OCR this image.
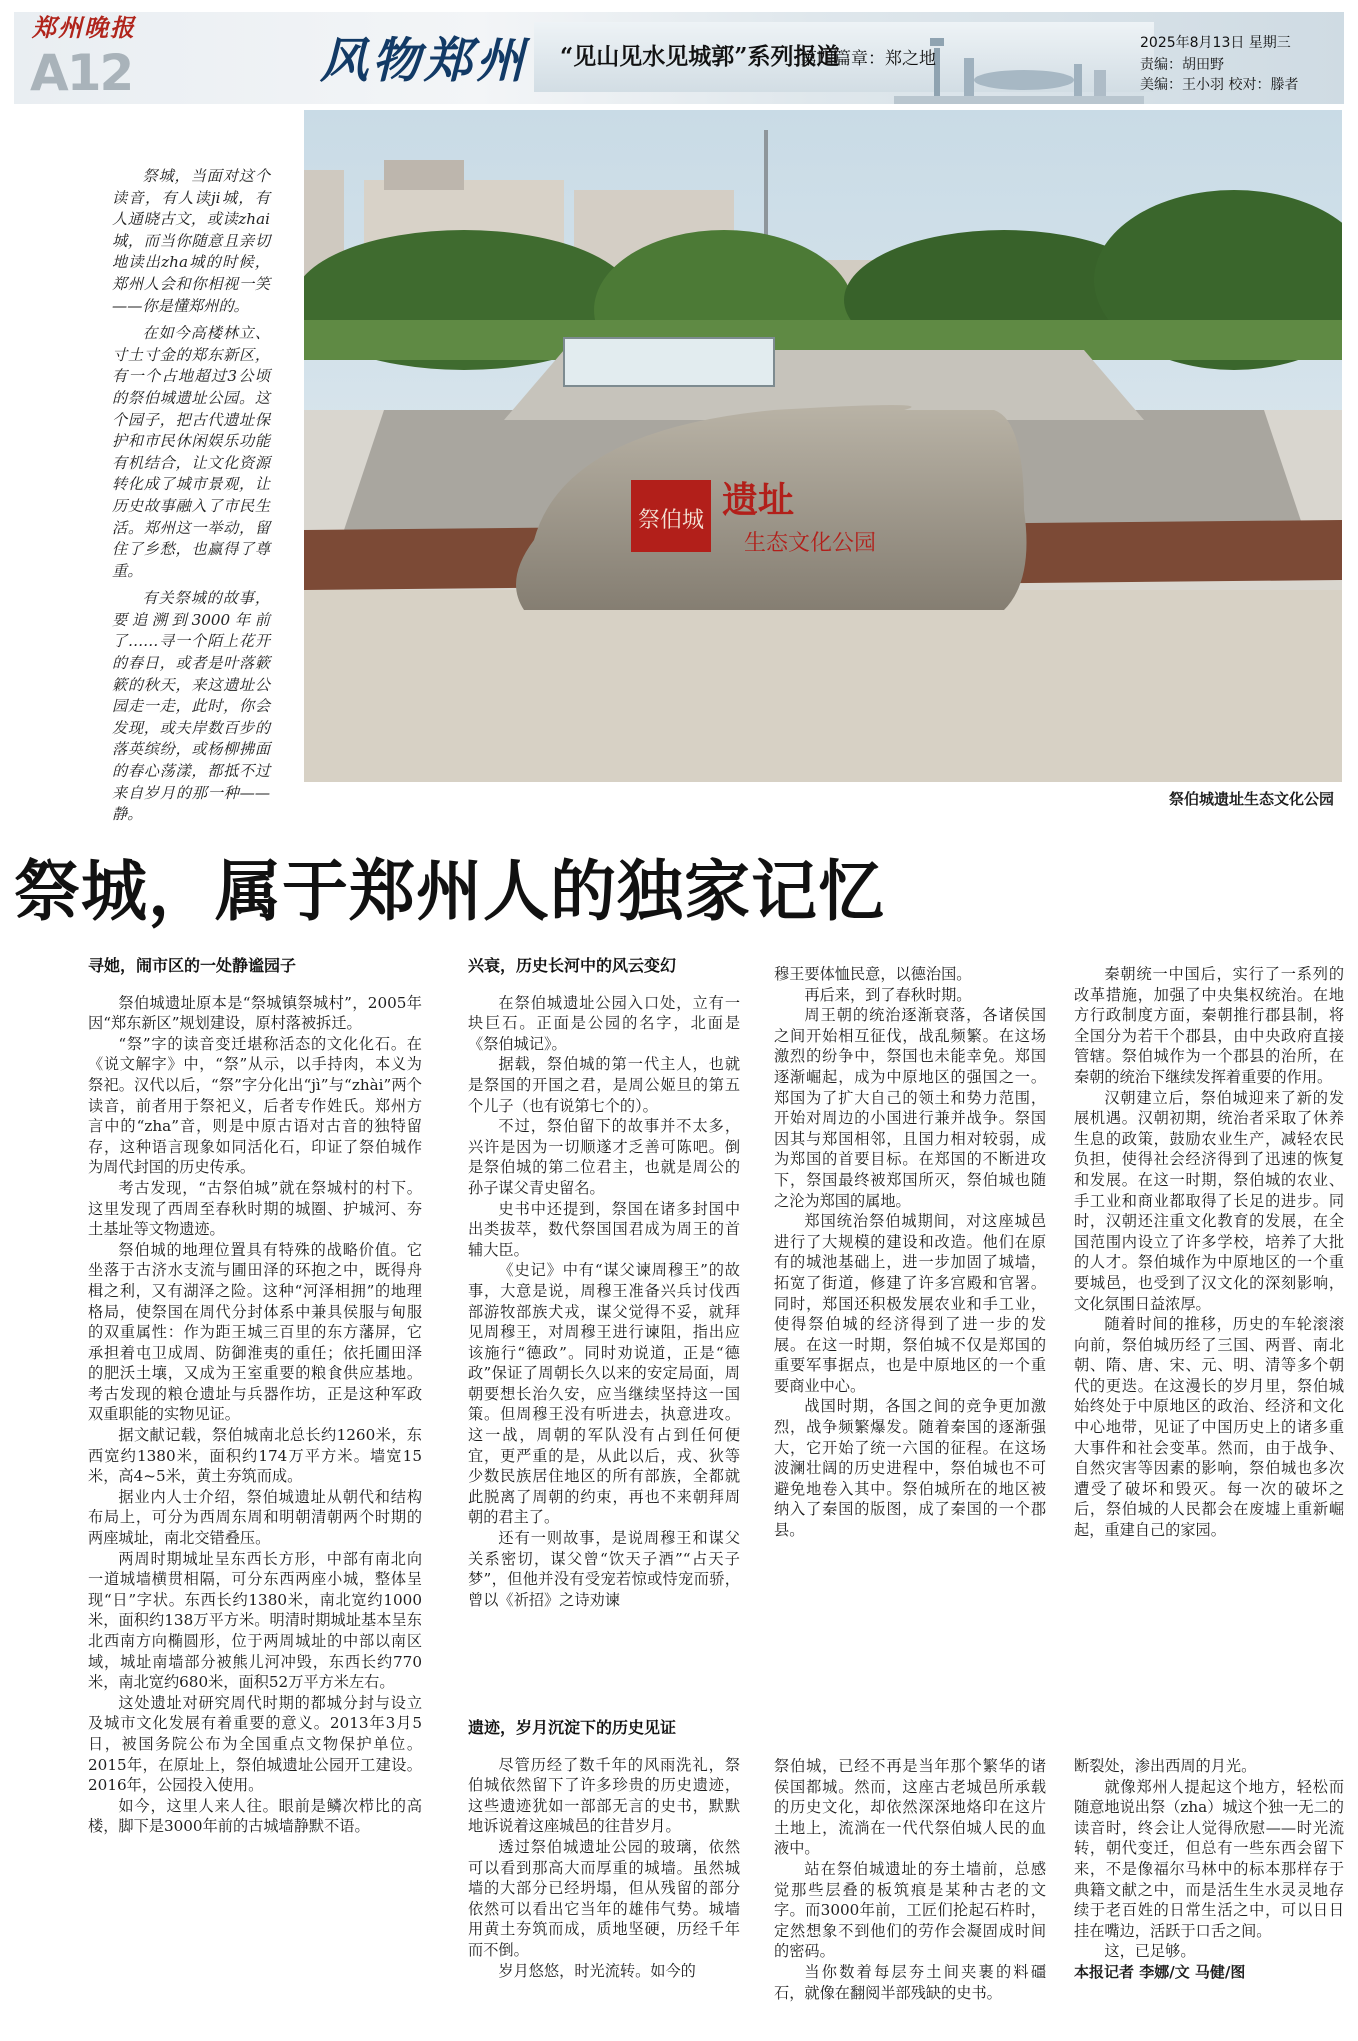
郑州晚报
A12	风物郑州 “见山见水见城郭”系列报道
第四篇章：郑之地
2025年8月13日 星期三
责编：胡田野
美编：王小羽 校对：滕者

祭城，当面对这个读音，有人读ji城，有人通晓古文，或读zhai城，而当你随意且亲切地读出zha城的时候，郑州人会和你相视一笑——你是懂郑州的。

在如今高楼林立、寸土寸金的郑东新区，有一个占地超过3公顷的祭伯城遗址公园。这个园子，把古代遗址保护和市民休闲娱乐功能有机结合，让文化资源转化成了城市景观，让历史故事融入了市民生活。郑州这一举动，留住了乡愁，也赢得了尊重。

有关祭城的故事，要追溯到3000年前了……寻一个陌上花开的春日，或者是叶落簌簌的秋天，来这遗址公园走一走，此时，你会发现，或夫岸数百步的落英缤纷，或杨柳拂面的春心荡漾，都抵不过来自岁月的那一种——静。

祭伯城 遗址
生态文化公园
祭伯城遗址生态文化公园
祭城，属于郑州人的独家记忆
寻她，闹市区的一处静谧园子

祭伯城遗址原本是“祭城镇祭城村”，2005年因“郑东新区”规划建设，原村落被拆迁。

“祭”字的读音变迁堪称活态的文化化石。在《说文解字》中，“祭”从示，以手持肉，本义为祭祀。汉代以后，“祭”字分化出“jì”与“zhài”两个读音，前者用于祭祀义，后者专作姓氏。郑州方言中的“zha”音，则是中原古语对古音的独特留存，这种语言现象如同活化石，印证了祭伯城作为周代封国的历史传承。

考古发现，“古祭伯城”就在祭城村的村下。这里发现了西周至春秋时期的城圈、护城河、夯土基址等文物遗迹。

祭伯城的地理位置具有特殊的战略价值。它坐落于古济水支流与圃田泽的环抱之中，既得舟楫之利，又有湖泽之险。这种“河泽相拥”的地理格局，使祭国在周代分封体系中兼具侯服与甸服的双重属性：作为距王城三百里的东方藩屏，它承担着屯卫成周、防御淮夷的重任；依托圃田泽的肥沃土壤，又成为王室重要的粮食供应基地。考古发现的粮仓遗址与兵器作坊，正是这种军政双重职能的实物见证。

据文献记载，祭伯城南北总长约1260米，东西宽约1380米，面积约174万平方米。墙宽15米，高4~5米，黄土夯筑而成。

据业内人士介绍，祭伯城遗址从朝代和结构布局上，可分为西周东周和明朝清朝两个时期的两座城址，南北交错叠压。

两周时期城址呈东西长方形，中部有南北向一道城墙横贯相隔，可分东西两座小城，整体呈现“日”字状。东西长约1380米，南北宽约1000米，面积约138万平方米。明清时期城址基本呈东北西南方向椭圆形，位于两周城址的中部以南区域，城址南墙部分被熊儿河冲毁，东西长约770米，南北宽约680米，面积52万平方米左右。

这处遗址对研究周代时期的都城分封与设立及城市文化发展有着重要的意义。2013年3月5日，被国务院公布为全国重点文物保护单位。2015年，在原址上，祭伯城遗址公园开工建设。2016年，公园投入使用。

如今，这里人来人往。眼前是鳞次栉比的高楼，脚下是3000年前的古城墙静默不语。

兴衰，历史长河中的风云变幻

在祭伯城遗址公园入口处，立有一块巨石。正面是公园的名字，北面是《祭伯城记》。

据载，祭伯城的第一代主人，也就是祭国的开国之君，是周公姬旦的第五个儿子（也有说第七个的）。

不过，祭伯留下的故事并不太多，兴许是因为一切顺遂才乏善可陈吧。倒是祭伯城的第二位君主，也就是周公的孙子谋父青史留名。

史书中还提到，祭国在诸多封国中出类拔萃，数代祭国国君成为周王的首辅大臣。

《史记》中有“谋父谏周穆王”的故事，大意是说，周穆王准备兴兵讨伐西部游牧部族犬戎，谋父觉得不妥，就拜见周穆王，对周穆王进行谏阻，指出应该施行“德政”。同时劝说道，正是“德政”保证了周朝长久以来的安定局面，周朝要想长治久安，应当继续坚持这一国策。但周穆王没有听进去，执意进攻。这一战，周朝的军队没有占到任何便宜，更严重的是，从此以后，戎、狄等少数民族居住地区的所有部族，全都就此脱离了周朝的约束，再也不来朝拜周朝的君主了。

还有一则故事，是说周穆王和谋父关系密切，谋父曾“饮天子酒”“占天子梦”，但他并没有受宠若惊或恃宠而骄，曾以《祈招》之诗劝谏

穆王要体恤民意，以德治国。

再后来，到了春秋时期。

周王朝的统治逐渐衰落，各诸侯国之间开始相互征伐，战乱频繁。在这场激烈的纷争中，祭国也未能幸免。郑国逐渐崛起，成为中原地区的强国之一。郑国为了扩大自己的领土和势力范围，开始对周边的小国进行兼并战争。祭国因其与郑国相邻，且国力相对较弱，成为郑国的首要目标。在郑国的不断进攻下，祭国最终被郑国所灭，祭伯城也随之沦为郑国的属地。

郑国统治祭伯城期间，对这座城邑进行了大规模的建设和改造。他们在原有的城池基础上，进一步加固了城墙，拓宽了街道，修建了许多宫殿和官署。同时，郑国还积极发展农业和手工业，使得祭伯城的经济得到了进一步的发展。在这一时期，祭伯城不仅是郑国的重要军事据点，也是中原地区的一个重要商业中心。

战国时期，各国之间的竞争更加激烈，战争频繁爆发。随着秦国的逐渐强大，它开始了统一六国的征程。在这场波澜壮阔的历史进程中，祭伯城也不可避免地卷入其中。祭伯城所在的地区被纳入了秦国的版图，成了秦国的一个郡县。

秦朝统一中国后，实行了一系列的改革措施，加强了中央集权统治。在地方行政制度方面，秦朝推行郡县制，将全国分为若干个郡县，由中央政府直接管辖。祭伯城作为一个郡县的治所，在秦朝的统治下继续发挥着重要的作用。

汉朝建立后，祭伯城迎来了新的发展机遇。汉朝初期，统治者采取了休养生息的政策，鼓励农业生产，减轻农民负担，使得社会经济得到了迅速的恢复和发展。在这一时期，祭伯城的农业、手工业和商业都取得了长足的进步。同时，汉朝还注重文化教育的发展，在全国范围内设立了许多学校，培养了大批的人才。祭伯城作为中原地区的一个重要城邑，也受到了汉文化的深刻影响，文化氛围日益浓厚。

随着时间的推移，历史的车轮滚滚向前，祭伯城历经了三国、两晋、南北朝、隋、唐、宋、元、明、清等多个朝代的更迭。在这漫长的岁月里，祭伯城始终处于中原地区的政治、经济和文化中心地带，见证了中国历史上的诸多重大事件和社会变革。然而，由于战争、自然灾害等因素的影响，祭伯城也多次遭受了破坏和毁灭。每一次的破坏之后，祭伯城的人民都会在废墟上重新崛起，重建自己的家园。

遗迹，岁月沉淀下的历史见证

尽管历经了数千年的风雨洗礼，祭伯城依然留下了许多珍贵的历史遗迹，这些遗迹犹如一部部无言的史书，默默地诉说着这座城邑的往昔岁月。

透过祭伯城遗址公园的玻璃，依然可以看到那高大而厚重的城墙。虽然城墙的大部分已经坍塌，但从残留的部分依然可以看出它当年的雄伟气势。城墙用黄土夯筑而成，质地坚硬，历经千年而不倒。

岁月悠悠，时光流转。如今的

祭伯城，已经不再是当年那个繁华的诸侯国都城。然而，这座古老城邑所承载的历史文化，却依然深深地烙印在这片土地上，流淌在一代代祭伯城人民的血液中。

站在祭伯城遗址的夯土墙前，总感觉那些层叠的板筑痕是某种古老的文字。而3000年前，工匠们抡起石杵时，定然想象不到他们的劳作会凝固成时间的密码。

当你数着每层夯土间夹裹的料礓石，就像在翻阅半部残缺的史书。

断裂处，渗出西周的月光。

就像郑州人提起这个地方，轻松而随意地说出祭（zha）城这个独一无二的读音时，终会让人觉得欣慰——时光流转，朝代变迁，但总有一些东西会留下来，不是像福尔马林中的标本那样存于典籍文献之中，而是活生生水灵灵地存续于老百姓的日常生活之中，可以日日挂在嘴边，活跃于口舌之间。

这，已足够。

本报记者 李娜/文 马健/图
